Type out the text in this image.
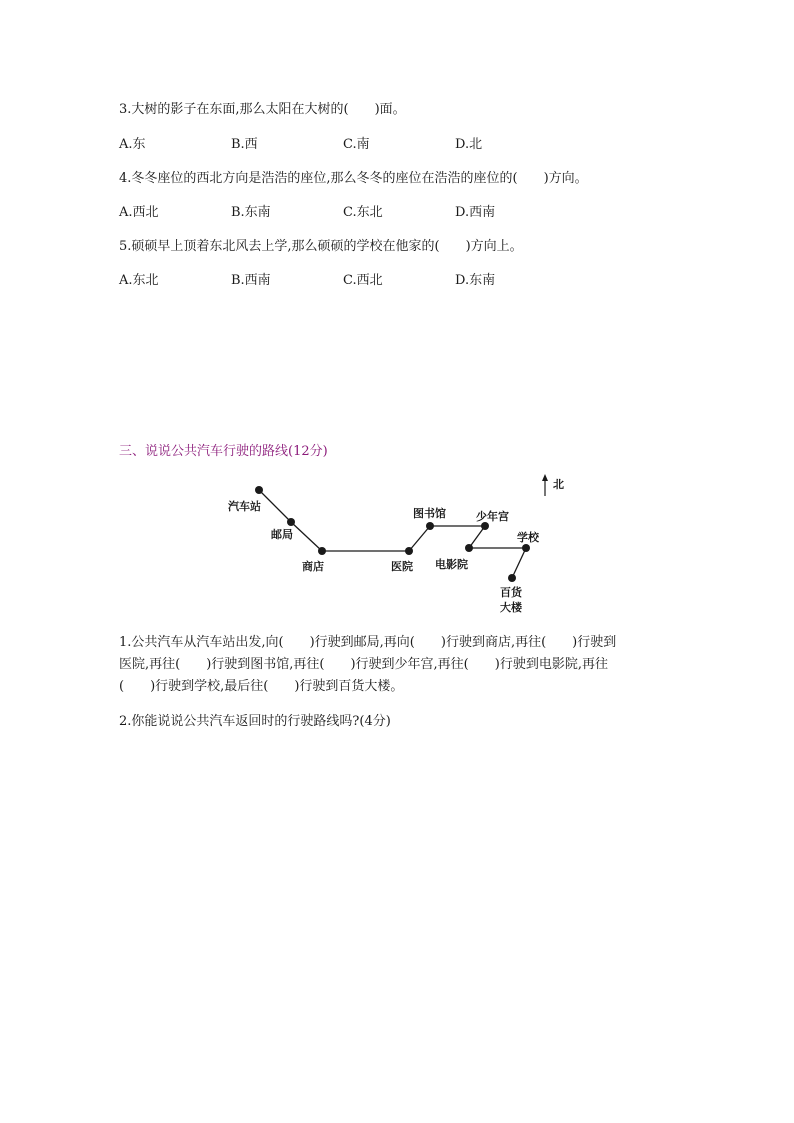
3.大树的影子在东面,那么太阳在大树的(　　)面。
A.东	B.西	C.南	D.北
4.冬冬座位的西北方向是浩浩的座位,那么冬冬的座位在浩浩的座位的(　　)方向。
A.西北	B.东南	C.东北	D.西南
5.硕硕早上顶着东北风去上学,那么硕硕的学校在他家的(　　)方向上。
A.东北	B.西南	C.西北	D.东南
三、说说公共汽车行驶的路线(12分)
北
汽车站
邮局
商店	医院
图书馆	少年宫
电影院
学校
百货
大楼
1.公共汽车从汽车站出发,向(　　)行驶到邮局,再向(　　)行驶到商店,再往(　　)行驶到
医院,再往(　　)行驶到图书馆,再往(　　)行驶到少年宫,再往(　　)行驶到电影院,再往
(　　)行驶到学校,最后往(　　)行驶到百货大楼。
2.你能说说公共汽车返回时的行驶路线吗?(4分)
